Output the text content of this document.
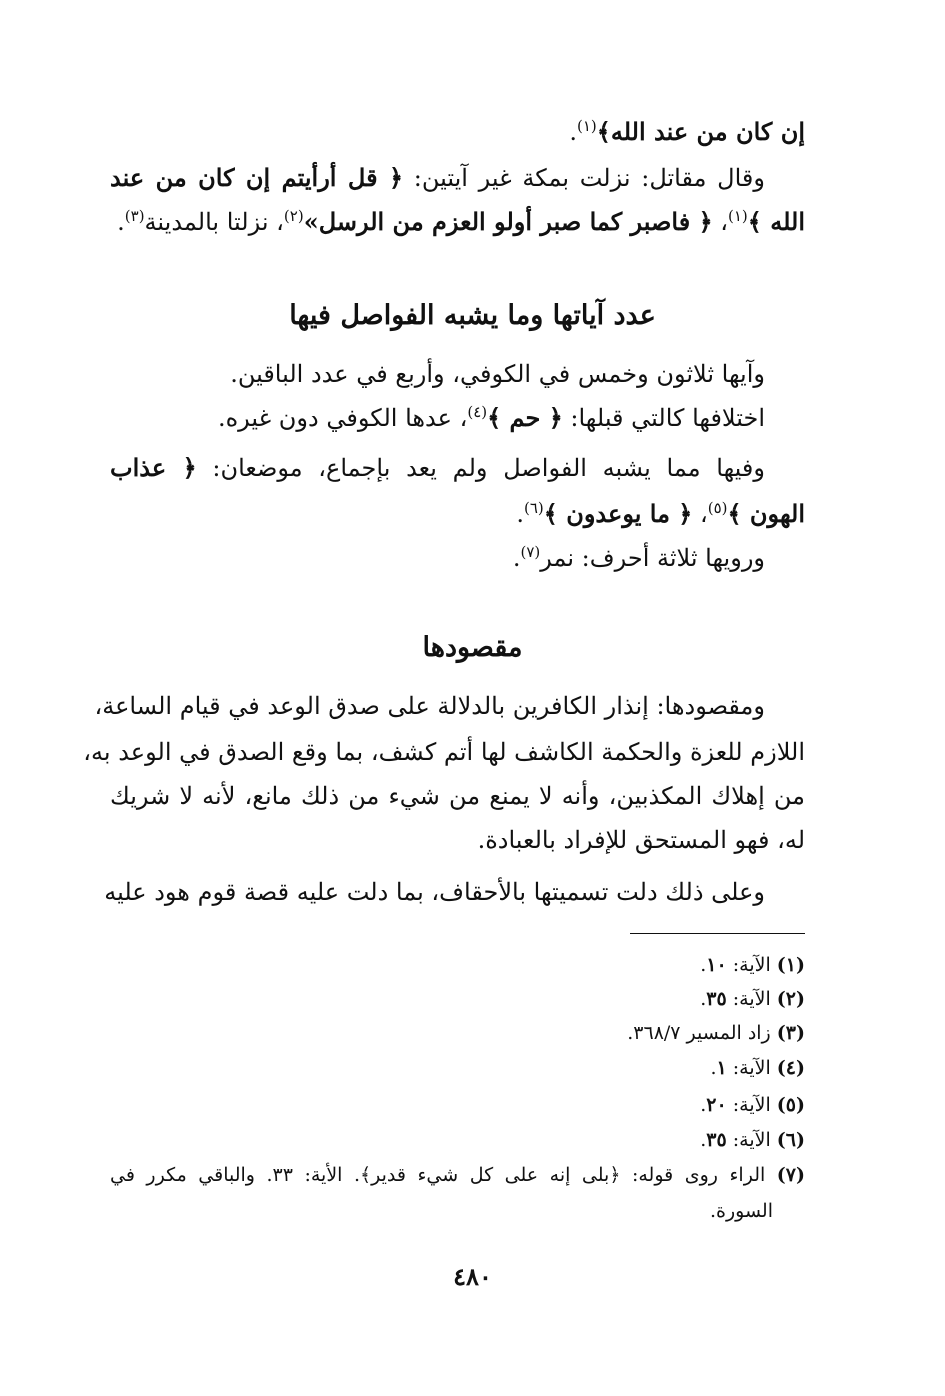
إن كان من عند الله﴾$^{(١)}$.
وقال مقاتل: نزلت بمكة غير آيتين: ﴿ قل أرأيتم إن كان من عند
الله ﴾$^{(١)}$، ﴿ فاصبر كما صبر أولو العزم من الرسل»$^{(٢)}$، نزلتا بالمدينة$^{(٣)}$.
عدد آياتها وما يشبه الفواصل فيها
وآيها ثلاثون وخمس في الكوفي، وأربع في عدد الباقين.
اختلافها كالتي قبلها: ﴿ حم ﴾$^{(٤)}$، عدها الكوفي دون غيره.
وفيها مما يشبه الفواصل ولم يعد بإجماع، موضعان: ﴿ عذاب
الهون ﴾$^{(٥)}$، ﴿ ما يوعدون ﴾$^{(٦)}$.
ورويها ثلاثة أحرف: نمر$^{(٧)}$.
مقصودها
ومقصودها: إنذار الكافرين بالدلالة على صدق الوعد في قيام الساعة،
اللازم للعزة والحكمة الكاشف لها أتم كشف، بما وقع الصدق في الوعد به،
من إهلاك المكذبين، وأنه لا يمنع من شيء من ذلك مانع، لأنه لا شريك
له، فهو المستحق للإفراد بالعبادة.
وعلى ذلك دلت تسميتها بالأحقاف، بما دلت عليه قصة قوم هود عليه
(١) الآية: ١٠.
(٢) الآية: ٣٥.
(٣) زاد المسير ٣٦٨/٧.
(٤) الآية: ١.
(٥) الآية: ٢٠.
(٦) الآية: ٣٥.
(٧) الراء روى قوله: ﴿بلى إنه على كل شيء قدير﴾. الأية: ٣٣. والباقي مكرر في
السورة.
٤٨٠
